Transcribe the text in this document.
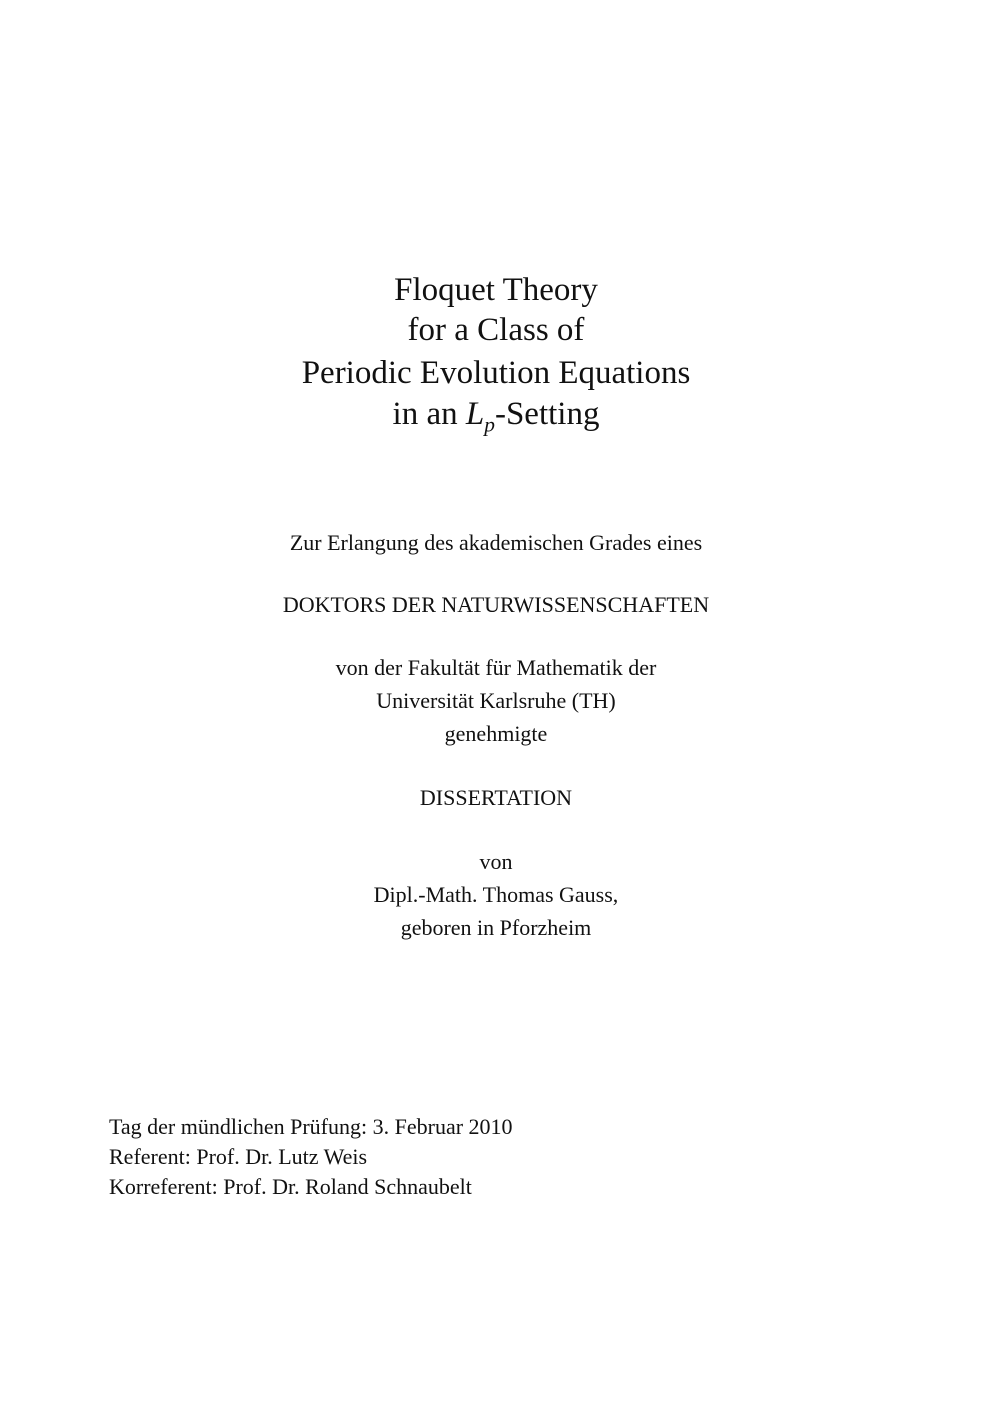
Floquet Theory
for a Class of
Periodic Evolution Equations
in an $L_p$-Setting
Zur Erlangung des akademischen Grades eines
DOKTORS DER NATURWISSENSCHAFTEN
von der Fakultät für Mathematik der
Universität Karlsruhe (TH)
genehmigte
DISSERTATION
von
Dipl.-Math. Thomas Gauss,
geboren in Pforzheim
Tag der mündlichen Prüfung: 3. Februar 2010
Referent: Prof. Dr. Lutz Weis
Korreferent: Prof. Dr. Roland Schnaubelt
